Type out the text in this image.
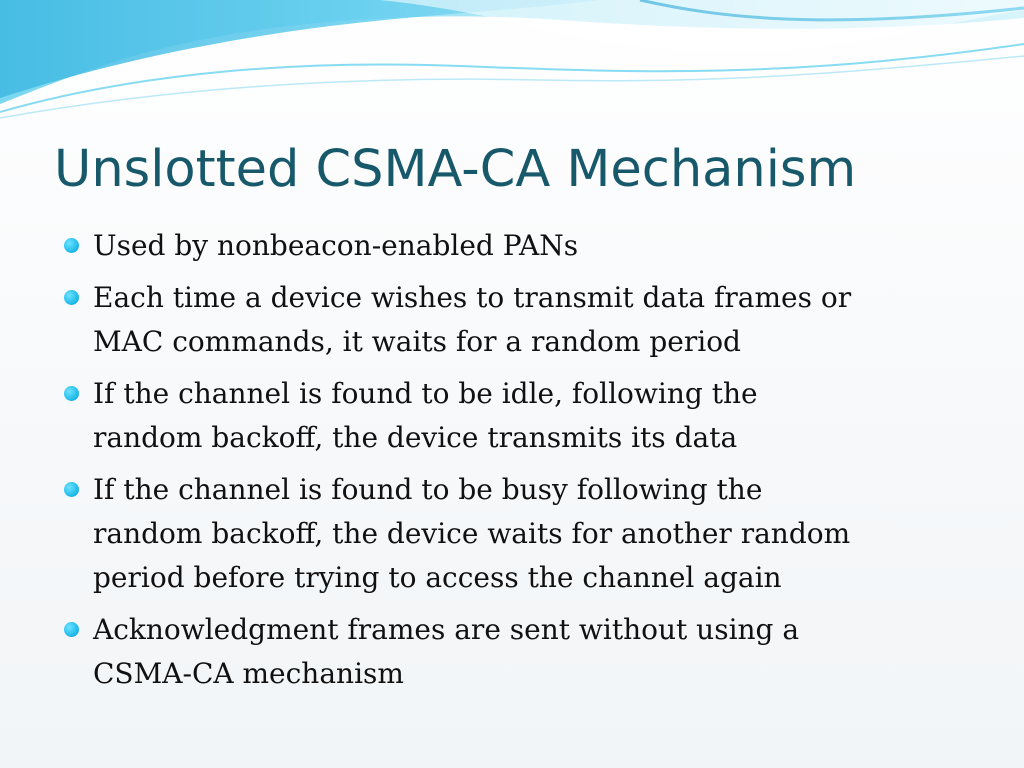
Unslotted CSMA-CA Mechanism
Used by nonbeacon-enabled PANs
Each time a device wishes to transmit data frames or
MAC commands, it waits for a random period
If the channel is found to be idle, following the
random backoff, the device transmits its data
If the channel is found to be busy following the
random backoff, the device waits for another random
period before trying to access the channel again
Acknowledgment frames are sent without using a
CSMA-CA mechanism
